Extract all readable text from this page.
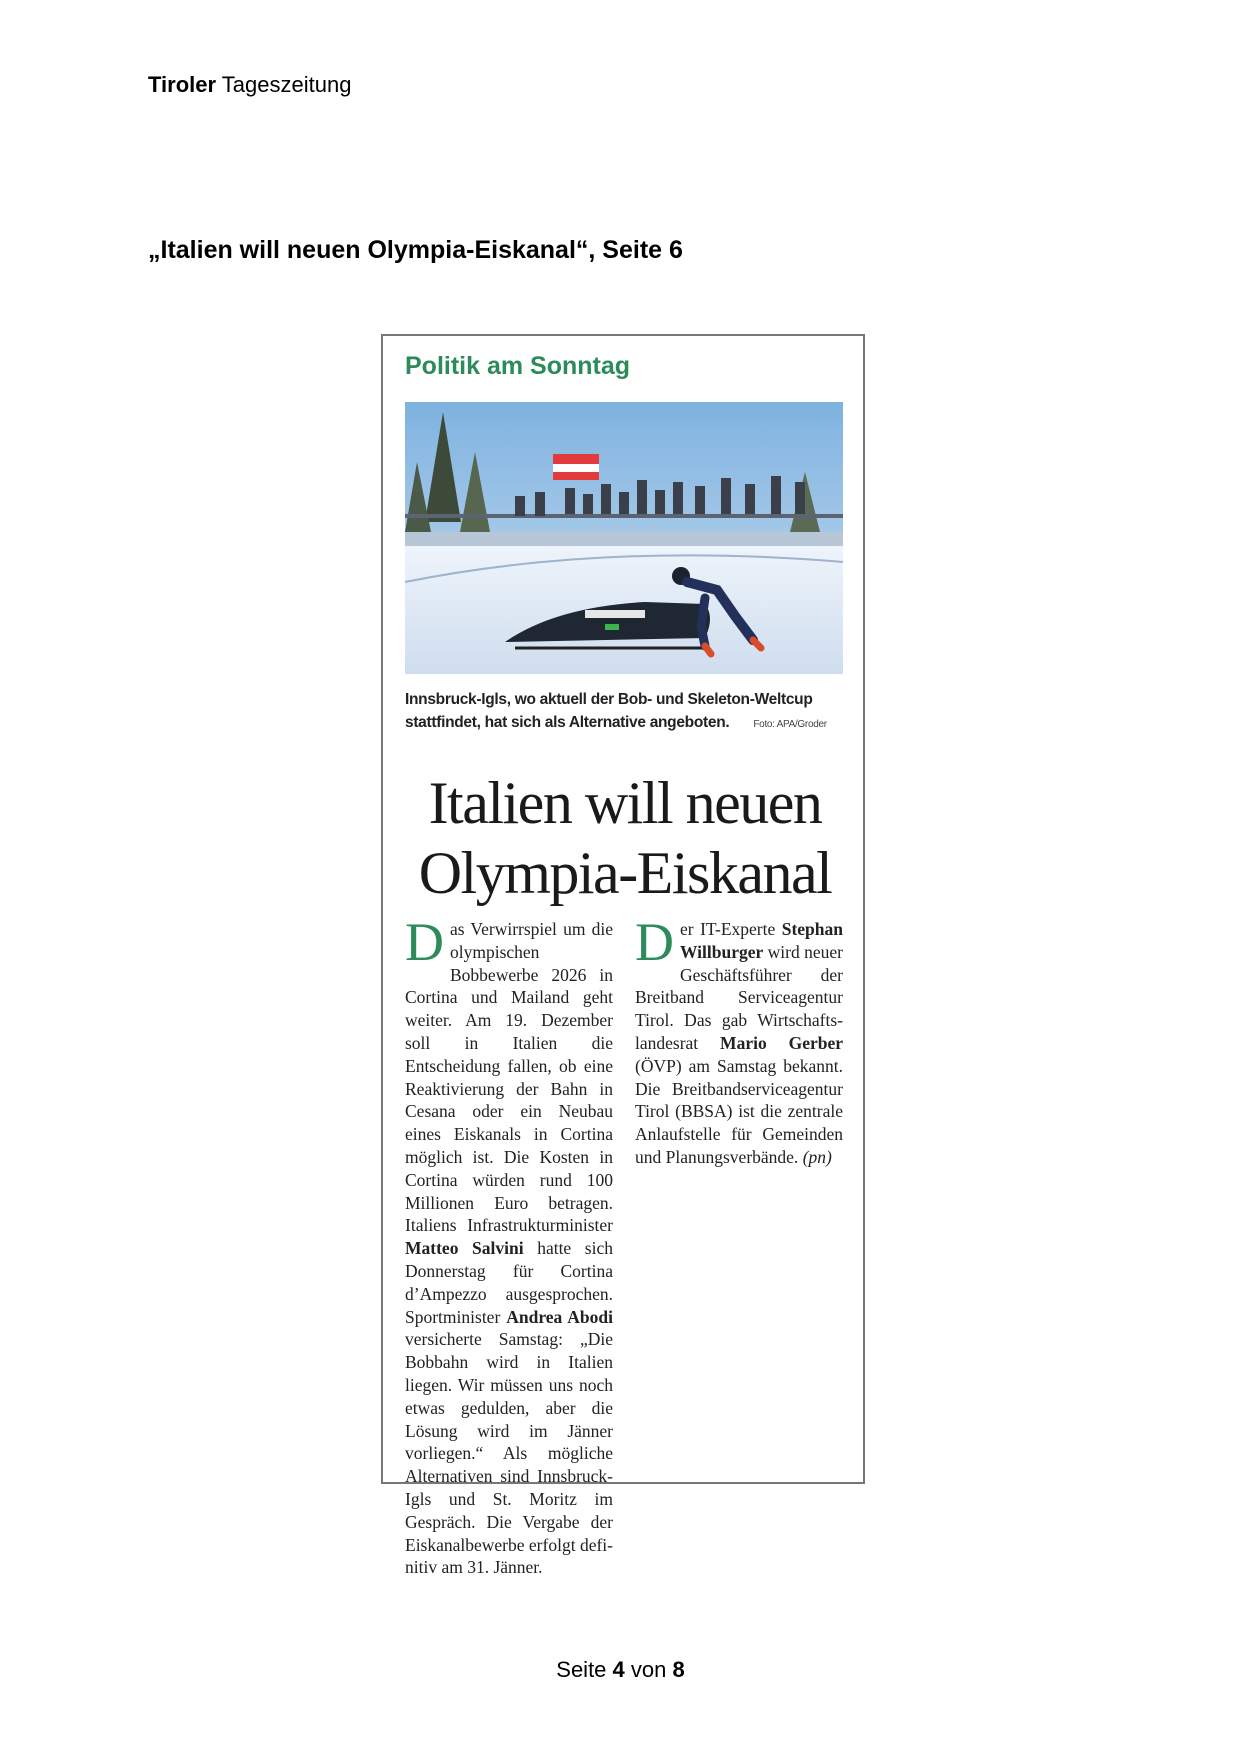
Tiroler Tageszeitung
„Italien will neuen Olympia-Eiskanal“, Seite 6
Politik am Sonntag
Innsbruck-Igls, wo aktuell der Bob- und Skeleton-Weltcup stattfindet, hat sich als Alternative angeboten. Foto: APA/Groder
Italien will neuen
Olympia-Eiskanal

Das Verwirrspiel um die olympischen Bobbewerbe 2026 in Cortina und Mailand geht weiter. Am 19. Dezember soll in Italien die Entscheidung fallen, ob eine Reaktivierung der Bahn in Cesana oder ein Neubau eines Eiskanals in Cortina möglich ist. Die Kosten in Cortina würden rund 100 Millionen Euro betragen. Italiens Infrastrukturminister Matteo Salvini hatte sich Donnerstag für Cortina d’Ampezzo ausgesprochen. Sportminister Andrea Abodi versicherte Samstag: „Die Bobbahn wird in Italien liegen. Wir müssen uns noch etwas gedulden, aber die Lösung wird im Jänner vorliegen.“ Als mögliche Alternativen sind Innsbruck-Igls und St. Moritz im Gespräch. Die Vergabe der Eiskanalbewerbe erfolgt definitiv am 31. Jänner.

Der IT-Experte Stephan Willburger wird neuer Geschäftsführer der Breitband Serviceagentur Tirol. Das gab Wirtschaftslandesrat Mario Gerber (ÖVP) am Samstag bekannt. Die Breitbandserviceagentur Tirol (BBSA) ist die zentrale Anlaufstelle für Gemeinden und Planungsverbände. (pn)

Seite 4 von 8
